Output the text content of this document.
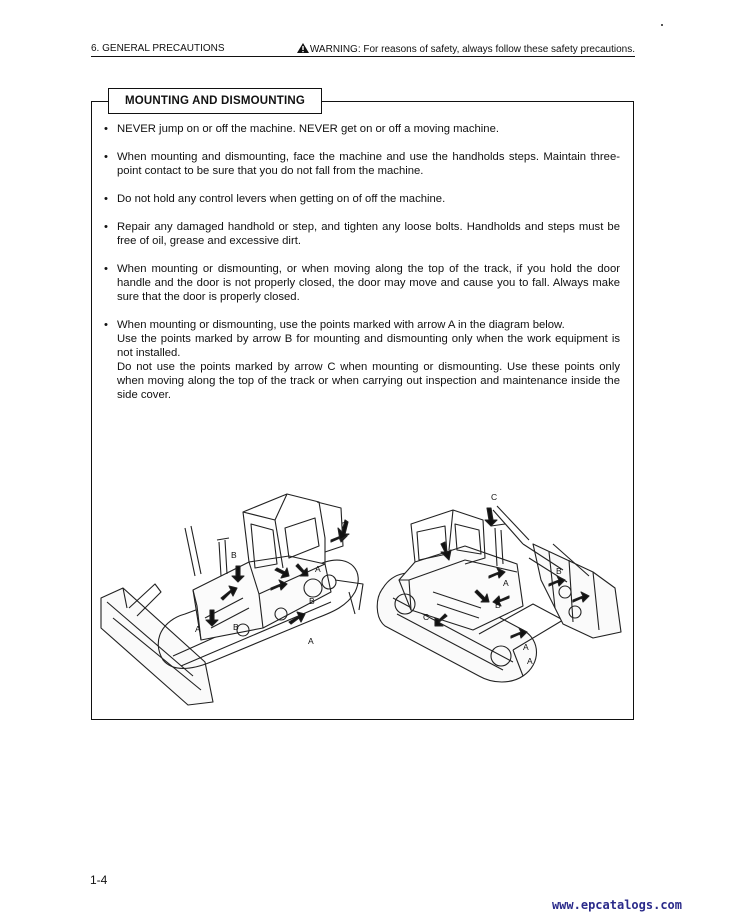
6. GENERAL PRECAUTIONS	WARNING: For reasons of safety, always follow these safety precautions.
MOUNTING AND DISMOUNTING
• NEVER jump on or off the machine. NEVER get on or off a moving machine.

• When mounting and dismounting, face the machine and use the handholds steps. Maintain three-point contact to be sure that you do not fall from the machine.

• Do not hold any control levers when getting on of off the machine.

• Repair any damaged handhold or step, and tighten any loose bolts. Handholds and steps must be free of oil, grease and excessive dirt.

• When mounting or dismounting, or when moving along the top of the track, if you hold the door handle and the door is not properly closed, the door may move and cause you to fall. Always make sure that the door is properly closed.

• When mounting or dismounting, use the points marked with arrow A in the diagram below.

Use the points marked by arrow B for mounting and dismounting only when the work equipment is not installed.

Do not use the points marked by arrow C when mounting or dismounting. Use these points only when moving along the top of the track or when carrying out inspection and maintenance inside the side cover.

C
B
A
B
A	B
A
C
A
B
A
B
C
A
1-4
www.epcatalogs.com
